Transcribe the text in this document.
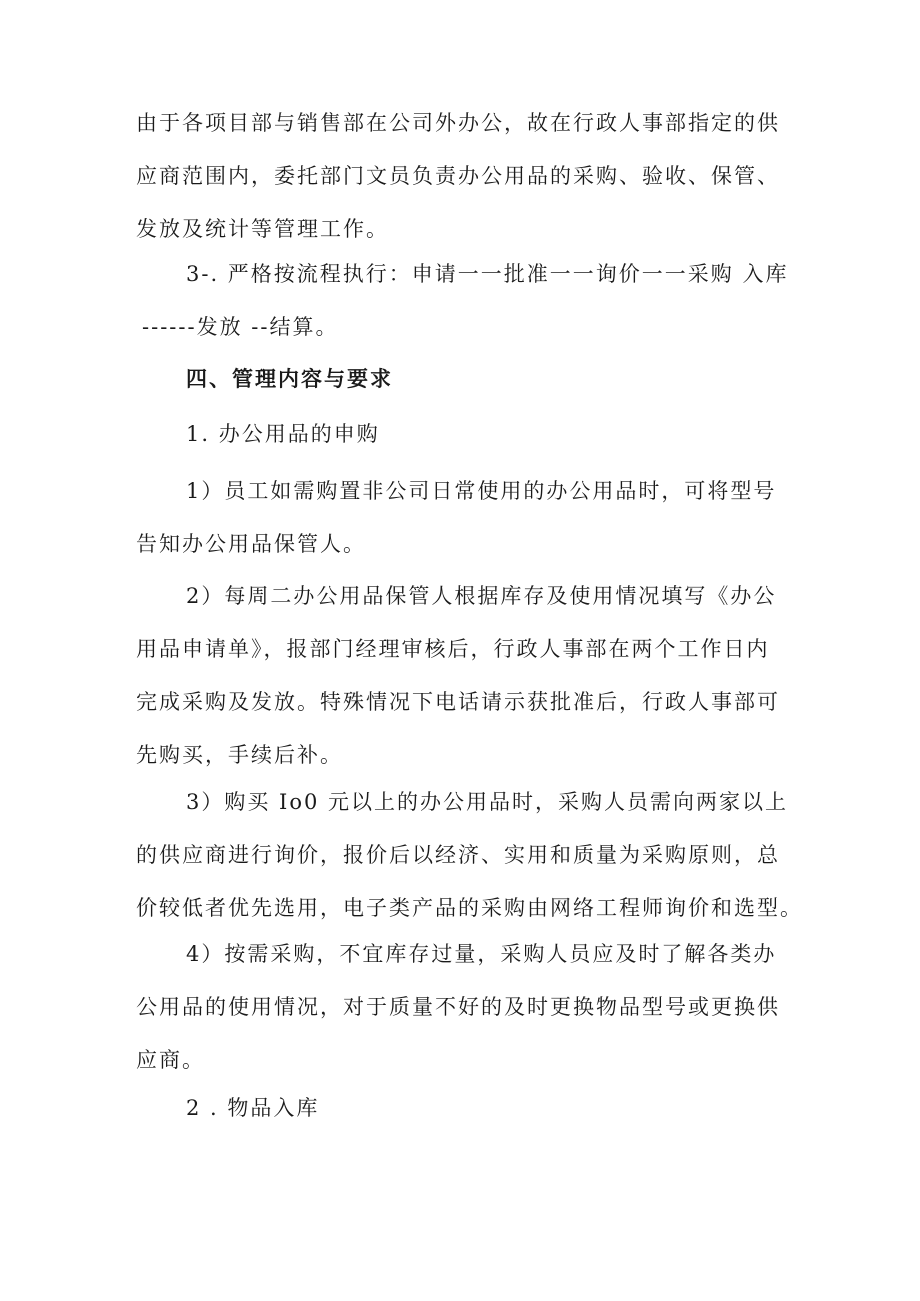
由于各项目部与销售部在公司外办公，故在行政人事部指定的供
应商范围内，委托部门文员负责办公用品的采购、验收、保管、
发放及统计等管理工作。

3-. 严格按流程执行：申请一一批准一一询价一一采购 入库
------发放 --结算。

四、管理内容与要求

1. 办公用品的申购

1）员工如需购置非公司日常使用的办公用品时，可将型号
告知办公用品保管人。

2）每周二办公用品保管人根据库存及使用情况填写《办公
用品申请单》，报部门经理审核后，行政人事部在两个工作日内
完成采购及发放。特殊情况下电话请示获批准后，行政人事部可
先购买，手续后补。

3）购买 Io0 元以上的办公用品时，采购人员需向两家以上
的供应商进行询价，报价后以经济、实用和质量为采购原则，总
价较低者优先选用，电子类产品的采购由网络工程师询价和选型。

4）按需采购，不宜库存过量，采购人员应及时了解各类办
公用品的使用情况，对于质量不好的及时更换物品型号或更换供
应商。

2 . 物品入库
